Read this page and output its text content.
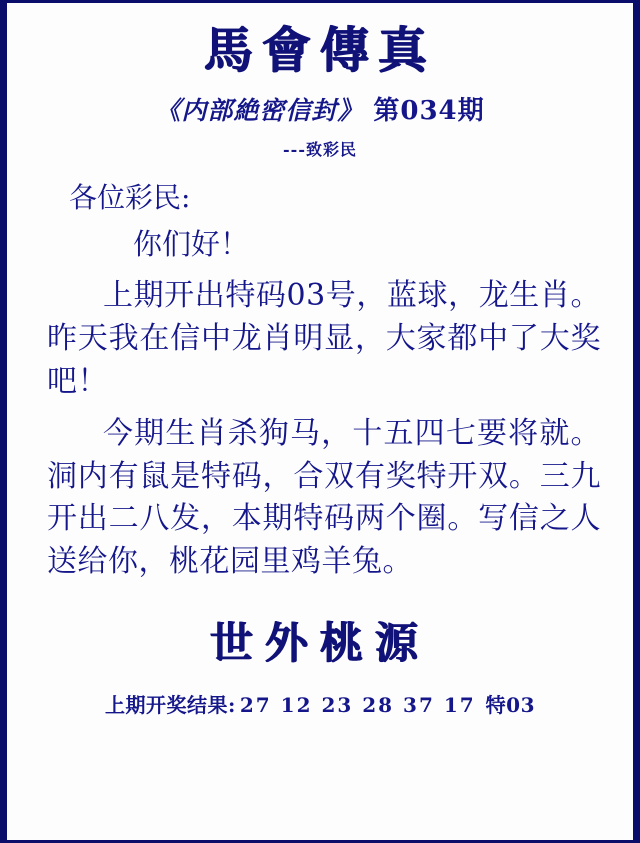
馬會傳真
《内部絶密信封》 第034期
---致彩民

各位彩民:

你们好！

上期开出特码03号，蓝球，龙生肖。昨天我在信中龙肖明显，大家都中了大奖吧！

今期生肖杀狗马，十五四七要将就。洞内有鼠是特码，合双有奖特开双。三九开出二八发，本期特码两个圈。写信之人送给你，桃花园里鸡羊兔。

世外桃源
上期开奖结果: 27 12 23 28 37 17 特03
